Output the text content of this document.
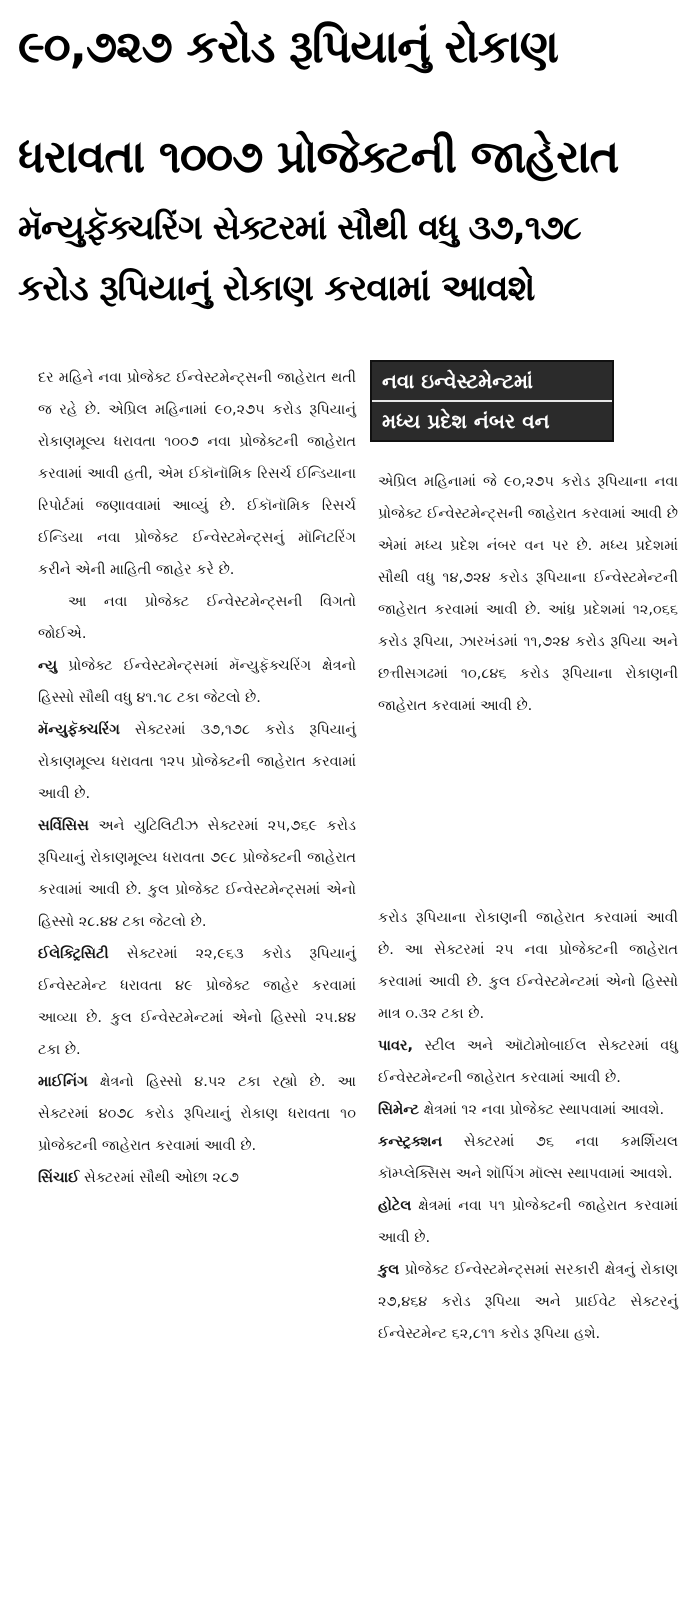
૯૦,૭૨૭ કરોડ રૂપિયાનું રોકાણ
ધરાવતા ૧૦૦૭ પ્રોજેક્ટની જાહેરાત
મૅન્યુફૅક્ચરિંગ સેક્ટરમાં સૌથી વધુ ૩૭,૧૭૮
કરોડ રૂપિયાનું રોકાણ કરવામાં આવશે

દર મહિને નવા પ્રોજેક્ટ ઈન્વેસ્ટમેન્ટ્સની જાહેરાત થતી જ રહે છે. એપ્રિલ મહિનામાં ૯૦,૨૭૫ કરોડ રૂપિયાનું રોકાણમૂલ્ય ધરાવતા ૧૦૦૭ નવા પ્રોજેક્ટની જાહેરાત કરવામાં આવી હતી, એમ ઈકૉનૉમિક રિસર્ચ ઈન્ડિયાના રિપોર્ટમાં જણાવવામાં આવ્યું છે. ઈકૉનૉમિક રિસર્ચ ઈન્ડિયા નવા પ્રોજેક્ટ ઈન્વેસ્ટમેન્ટ્સનું મૉનિટરિંગ કરીને એની માહિતી જાહેર કરે છે.

આ નવા પ્રોજેક્ટ ઈન્વેસ્ટમેન્ટ્સની વિગતો જોઈએ.

ન્યુ પ્રોજેક્ટ ઈન્વેસ્ટમેન્ટ્સમાં મૅન્યુફૅક્ચરિંગ ક્ષેત્રનો હિસ્સો સૌથી વધુ ૪૧.૧૮ ટકા જેટલો છે.

મૅન્યુફૅક્ચરિંગ સેક્ટરમાં ૩૭,૧૭૮ કરોડ રૂપિયાનું રોકાણમૂલ્ય ધરાવતા ૧૨૫ પ્રોજેક્ટની જાહેરાત કરવામાં આવી છે.

સર્વિસિસ અને યુટિલિટીઝ સેક્ટરમાં ૨૫,૭૬૯ કરોડ રૂપિયાનું રોકાણમૂલ્ય ધરાવતા ૭૯૮ પ્રોજેક્ટની જાહેરાત કરવામાં આવી છે. કુલ પ્રોજેક્ટ ઈન્વેસ્ટમેન્ટ્સમાં એનો હિસ્સો ૨૮.૪૪ ટકા જેટલો છે.

ઈલેક્ટ્રિસિટી સેક્ટરમાં ૨૨,૯૬૩ કરોડ રૂપિયાનું ઈન્વેસ્ટમેન્ટ ધરાવતા ૪૯ પ્રોજેક્ટ જાહેર કરવામાં આવ્યા છે. કુલ ઈન્વેસ્ટમેન્ટમાં એનો હિસ્સો ૨૫.૪૪ ટકા છે.

માઈનિંગ ક્ષેત્રનો હિસ્સો ૪.૫૨ ટકા રહ્યો છે. આ સેક્ટરમાં ૪૦૭૮ કરોડ રૂપિયાનું રોકાણ ધરાવતા ૧૦ પ્રોજેક્ટની જાહેરાત કરવામાં આવી છે.

સિંચાઈ સેક્ટરમાં સૌથી ઓછા ૨૮૭

નવા ઇન્વેસ્ટમેન્ટમાં
મધ્ય પ્રદેશ નંબર વન

એપ્રિલ મહિનામાં જે ૯૦,૨૭૫ કરોડ રૂપિયાના નવા પ્રોજેક્ટ ઈન્વેસ્ટમેન્ટ્સની જાહેરાત કરવામાં આવી છે એમાં મધ્ય પ્રદેશ નંબર વન પર છે. મધ્ય પ્રદેશમાં સૌથી વધુ ૧૪,૭૨૪ કરોડ રૂપિયાના ઈન્વેસ્ટમેન્ટની જાહેરાત કરવામાં આવી છે. આંધ્ર પ્રદેશમાં ૧૨,૦૬૬ કરોડ રૂપિયા, ઝારખંડમાં ૧૧,૭૨૪ કરોડ રૂપિયા અને છત્તીસગઢમાં ૧૦,૮૪૬ કરોડ રૂપિયાના રોકાણની જાહેરાત કરવામાં આવી છે.

કરોડ રૂપિયાના રોકાણની જાહેરાત કરવામાં આવી છે. આ સેક્ટરમાં ૨૫ નવા પ્રોજેક્ટની જાહેરાત કરવામાં આવી છે. કુલ ઈન્વેસ્ટમેન્ટમાં એનો હિસ્સો માત્ર ૦.૩૨ ટકા છે.

પાવર, સ્ટીલ અને ઑટોમોબાઈલ સેક્ટરમાં વધુ ઈન્વેસ્ટમેન્ટની જાહેરાત કરવામાં આવી છે.

સિમેન્ટ ક્ષેત્રમાં ૧૨ નવા પ્રોજેક્ટ સ્થાપવામાં આવશે.

કન્સ્ટ્રક્શન સેક્ટરમાં ૭૬ નવા કમર્શિયલ કૉમ્પ્લેક્સિસ અને શૉપિંગ મૉલ્સ સ્થાપવામાં આવશે.

હોટેલ ક્ષેત્રમાં નવા ૫૧ પ્રોજેક્ટની જાહેરાત કરવામાં આવી છે.

કુલ પ્રોજેક્ટ ઈન્વેસ્ટમેન્ટ્સમાં સરકારી ક્ષેત્રનું રોકાણ ૨૭,૪૬૪ કરોડ રૂપિયા અને પ્રાઈવેટ સેક્ટરનું ઈન્વેસ્ટમેન્ટ ૬૨,૮૧૧ કરોડ રૂપિયા હશે.
